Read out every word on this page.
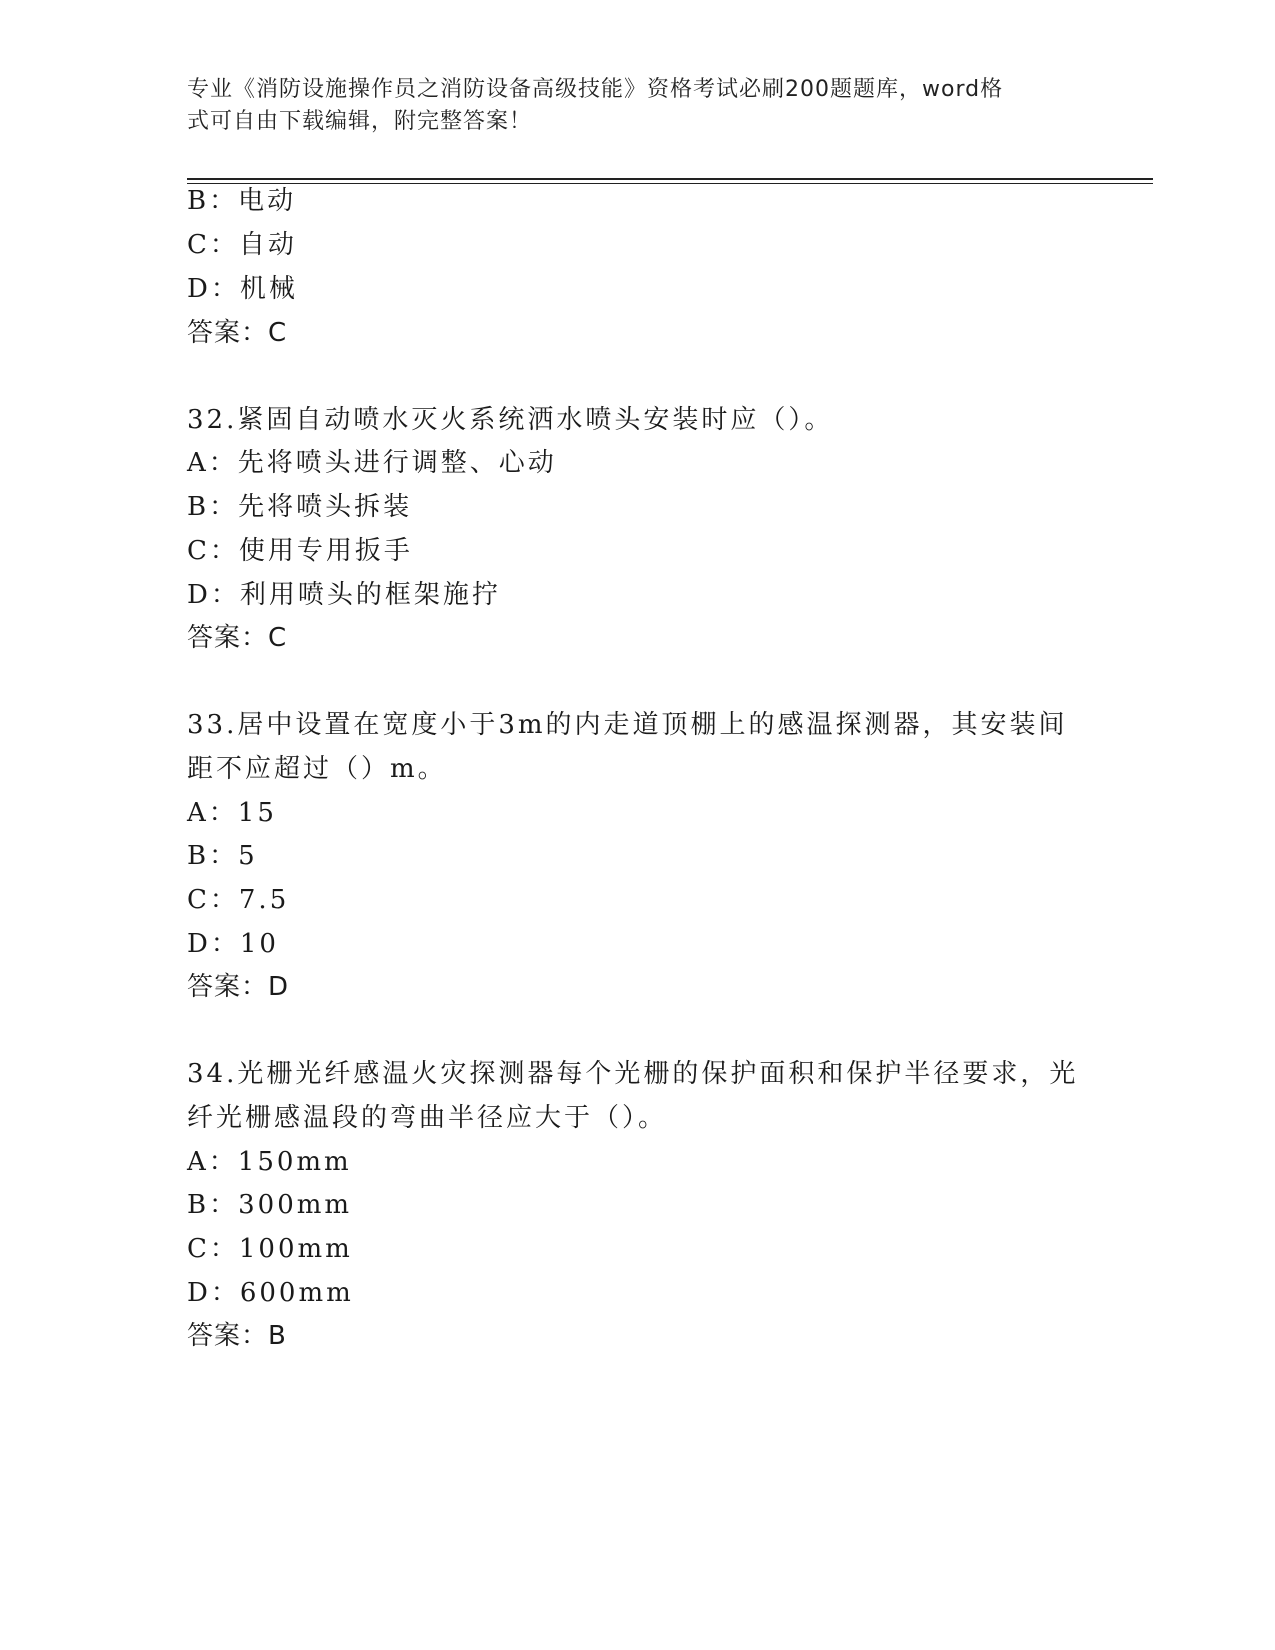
专业《消防设施操作员之消防设备高级技能》资格考试必刷200题题库，word格
式可自由下载编辑，附完整答案！
B：电动
C：自动
D：机械
答案：C
32.紧固自动喷水灭火系统洒水喷头安装时应（）。
A：先将喷头进行调整、心动
B：先将喷头拆装
C：使用专用扳手
D：利用喷头的框架施拧
答案：C
33.居中设置在宽度小于3m的内走道顶棚上的感温探测器，其安装间
距不应超过（）m。
A：15
B：5
C：7.5
D：10
答案：D
34.光栅光纤感温火灾探测器每个光栅的保护面积和保护半径要求，光
纤光栅感温段的弯曲半径应大于（）。
A：150mm
B：300mm
C：100mm
D：600mm
答案：B
